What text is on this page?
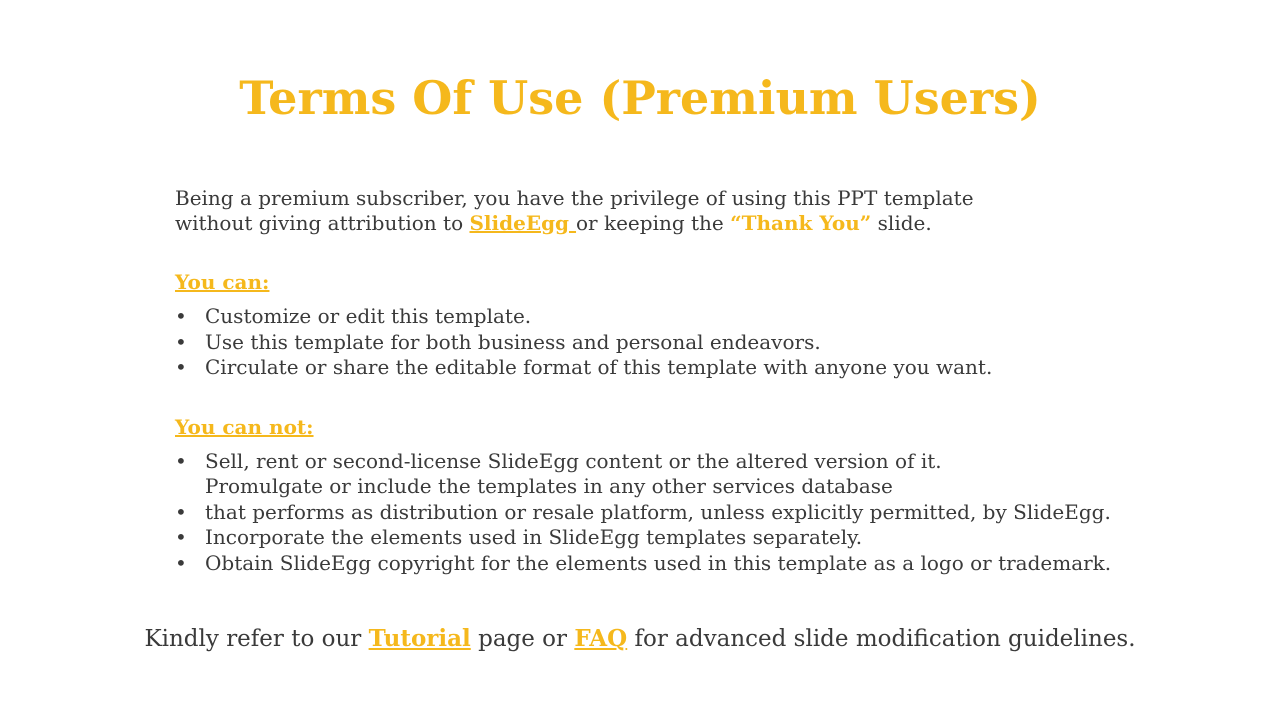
Terms Of Use (Premium Users)

Being a premium subscriber, you have the privilege of using this PPT template
without giving attribution to SlideEgg or keeping the “Thank You” slide.

You can:

• Customize or edit this template.
• Use this template for both business and personal endeavors.
• Circulate or share the editable format of this template with anyone you want.

You can not:

• Sell, rent or second-license SlideEgg content or the altered version of it.
Promulgate or include the templates in any other services database
• that performs as distribution or resale platform, unless explicitly permitted, by SlideEgg.
• Incorporate the elements used in SlideEgg templates separately.
• Obtain SlideEgg copyright for the elements used in this template as a logo or trademark.
Kindly refer to our Tutorial page or FAQ for advanced slide modification guidelines.
